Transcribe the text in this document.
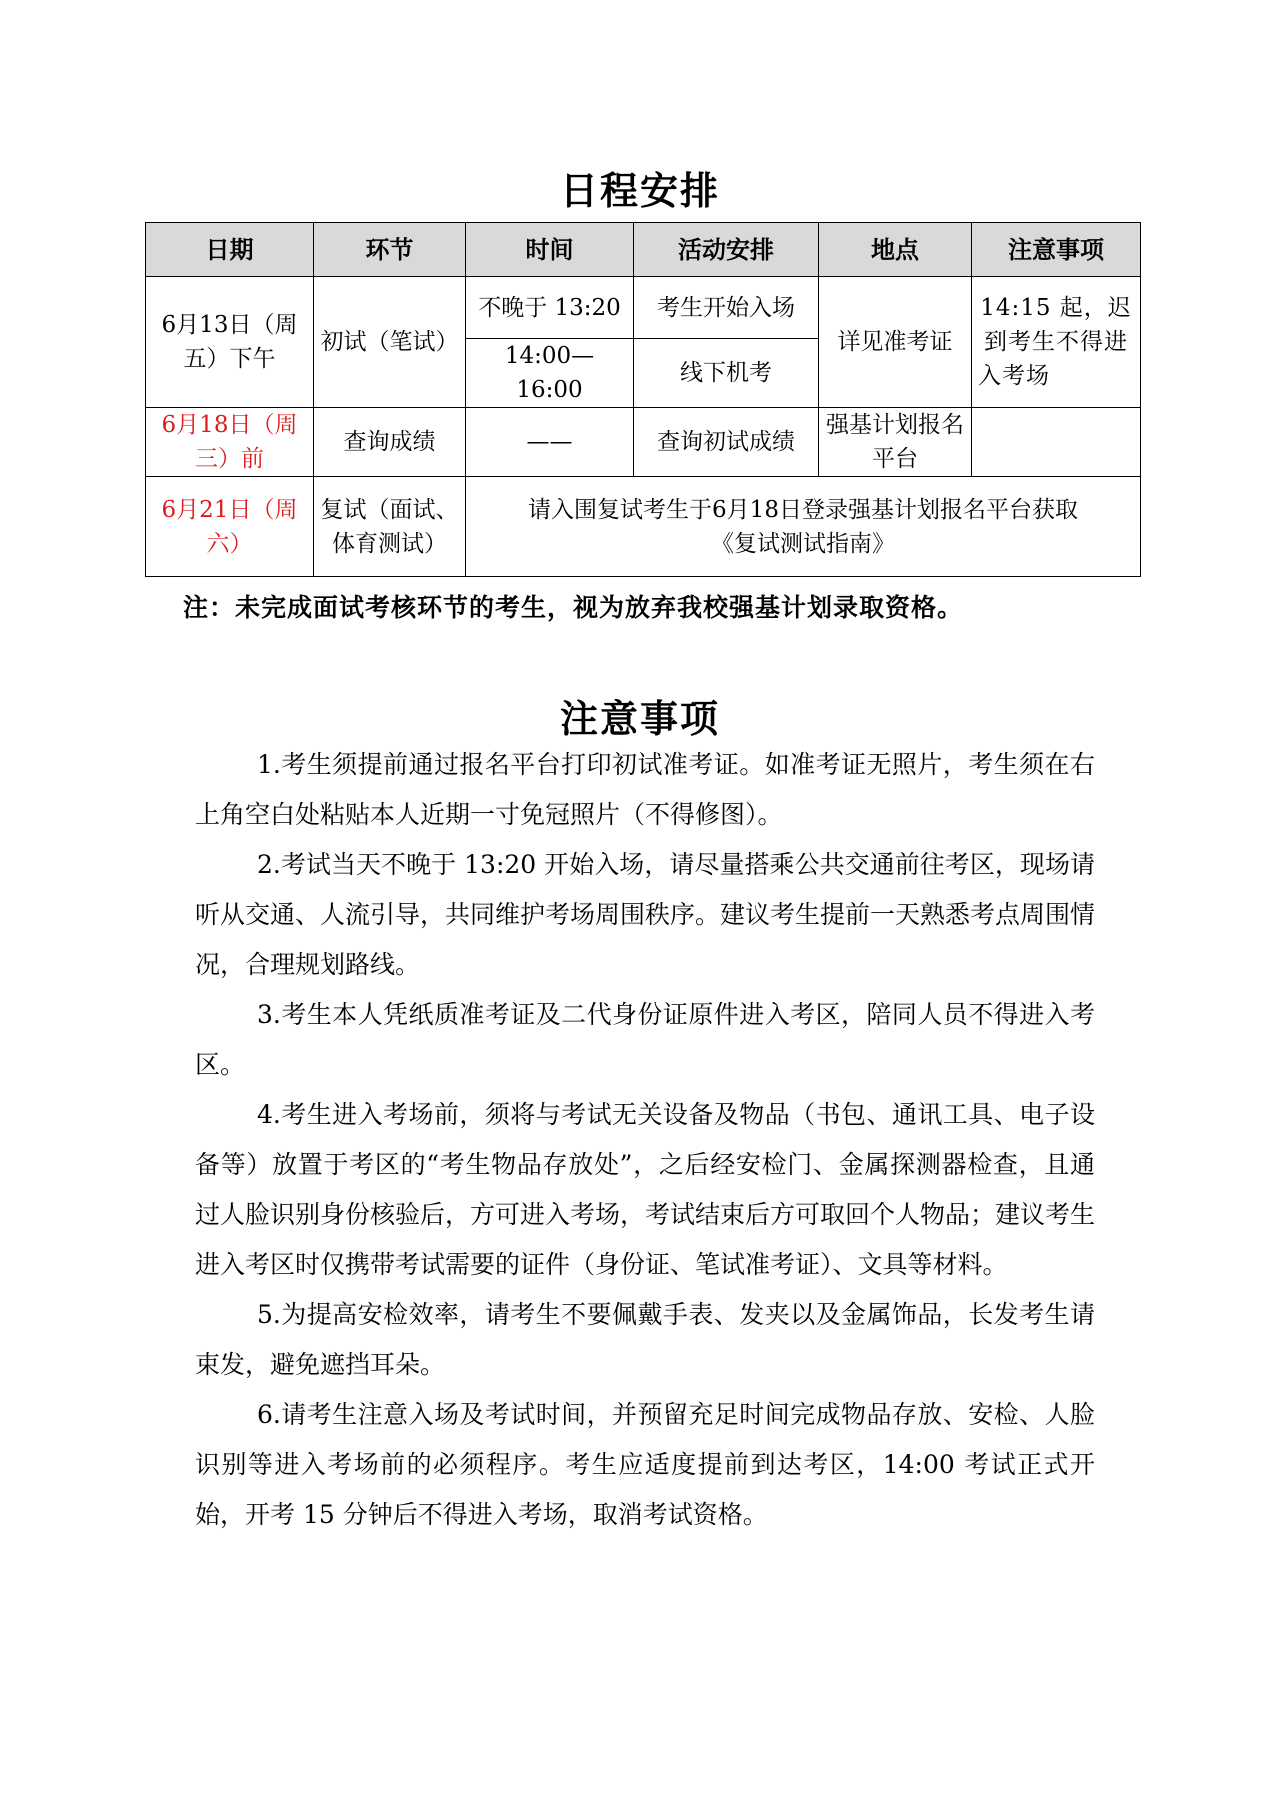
日程安排
日期	环节	时间	活动安排	地点	注意事项
6月13日（周五）下午	初试（笔试）	不晚于 13:20	考生开始入场	详见准考证	14:15 起，迟到考生不得进入考场
		14:00—16:00	线下机考		
6月18日（周三）前	查询成绩	——	查询初试成绩	强基计划报名平台	
6月21日（周六）	复试（面试、体育测试）	请入围复试考生于6月18日登录强基计划报名平台获取《复试测试指南》			
注：未完成面试考核环节的考生，视为放弃我校强基计划录取资格。
注意事项

1.考生须提前通过报名平台打印初试准考证。如准考证无照片，考生须在右上角空白处粘贴本人近期一寸免冠照片（不得修图）。

2.考试当天不晚于 13:20 开始入场，请尽量搭乘公共交通前往考区，现场请听从交通、人流引导，共同维护考场周围秩序。建议考生提前一天熟悉考点周围情况，合理规划路线。

3.考生本人凭纸质准考证及二代身份证原件进入考区，陪同人员不得进入考区。

4.考生进入考场前，须将与考试无关设备及物品（书包、通讯工具、电子设备等）放置于考区的“考生物品存放处”，之后经安检门、金属探测器检查，且通过人脸识别身份核验后，方可进入考场，考试结束后方可取回个人物品；建议考生进入考区时仅携带考试需要的证件（身份证、笔试准考证）、文具等材料。

5.为提高安检效率，请考生不要佩戴手表、发夹以及金属饰品，长发考生请束发，避免遮挡耳朵。

6.请考生注意入场及考试时间，并预留充足时间完成物品存放、安检、人脸识别等进入考场前的必须程序。考生应适度提前到达考区，14:00 考试正式开始，开考 15 分钟后不得进入考场，取消考试资格。
